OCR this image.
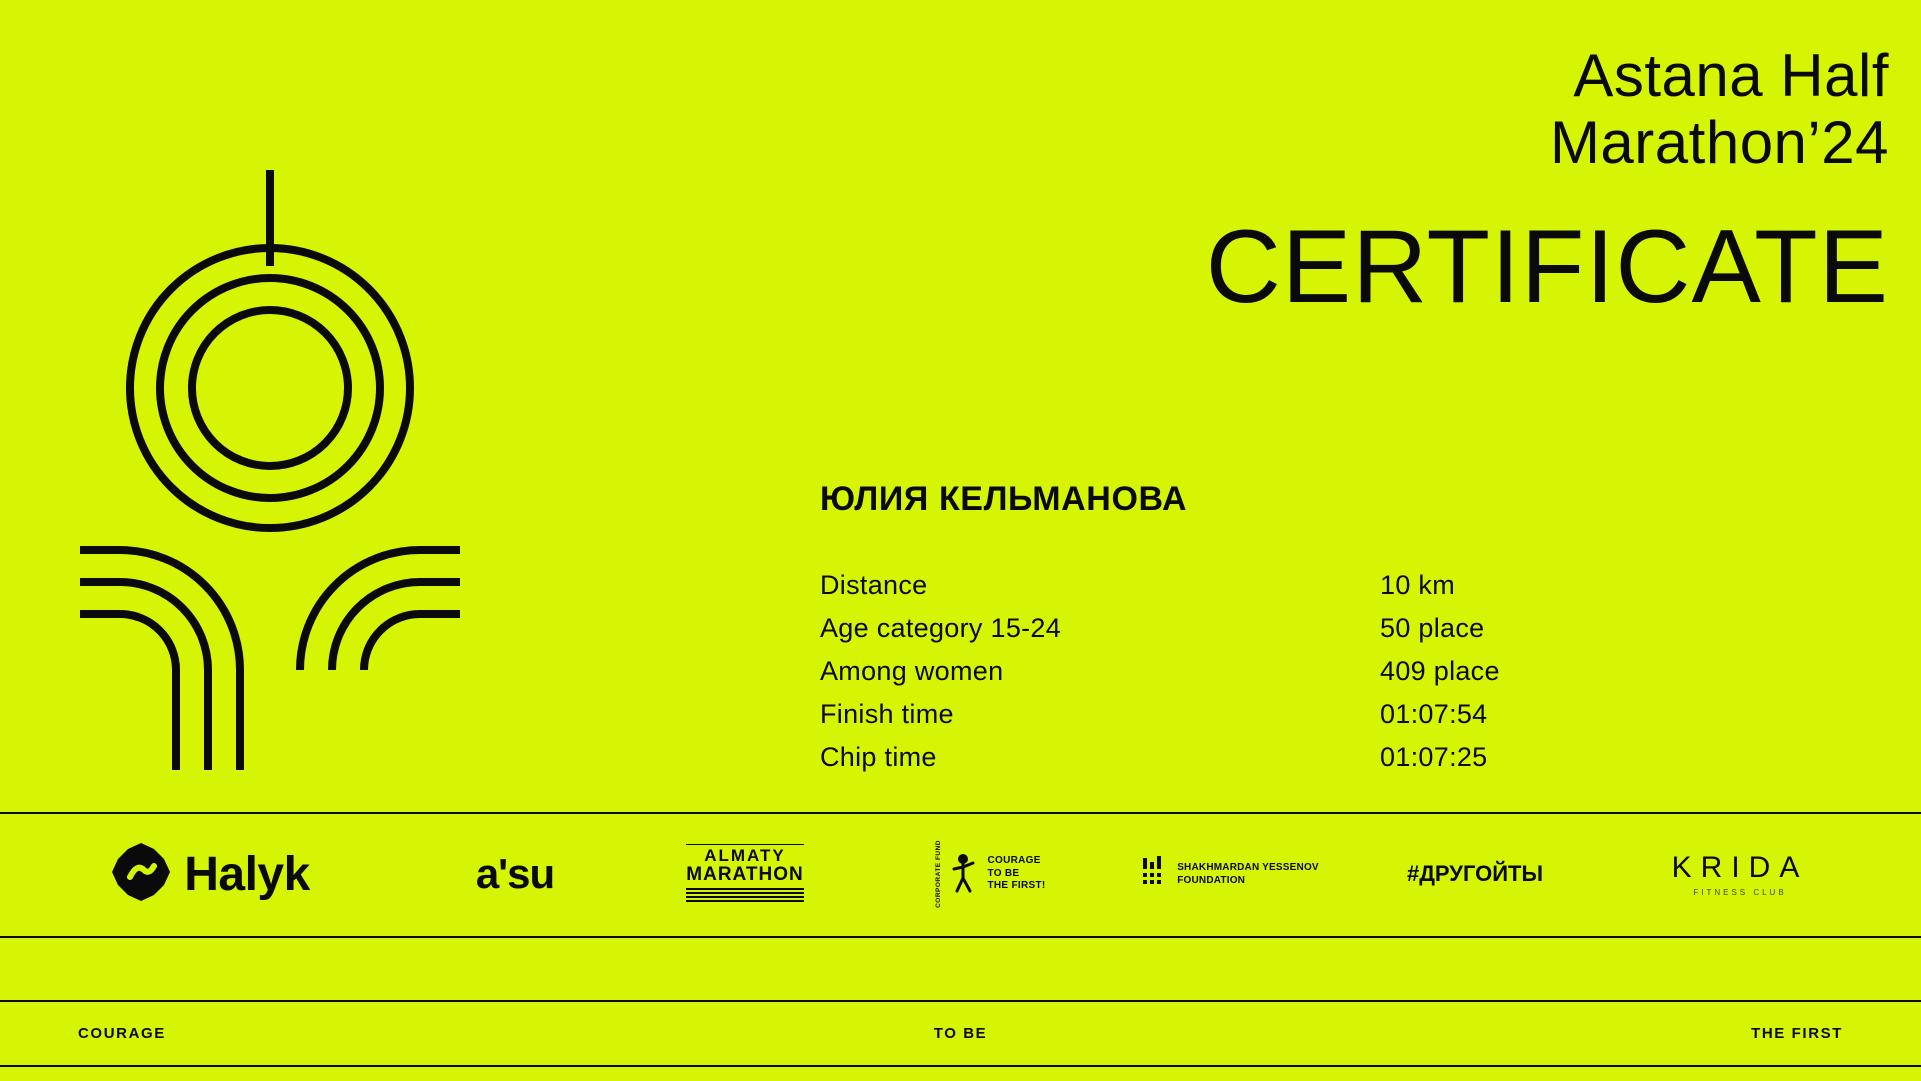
Astana Half
Marathon’24
CERTIFICATE
ЮЛИЯ КЕЛЬМАНОВА
Distance	10 km
Age category 15-24	50 place
Among women	409 place
Finish time	01:07:54
Chip time	01:07:25
Halyk	a'su	ALMATY
MARATHON	CORPORATE FUND	COURAGE
TO BE
THE FIRST!
SHAKHMARDAN YESSENOV
FOUNDATION	#ДРУГОЙТЫ	KRIDA
FITNESS CLUB
COURAGE	TO BE	THE FIRST
